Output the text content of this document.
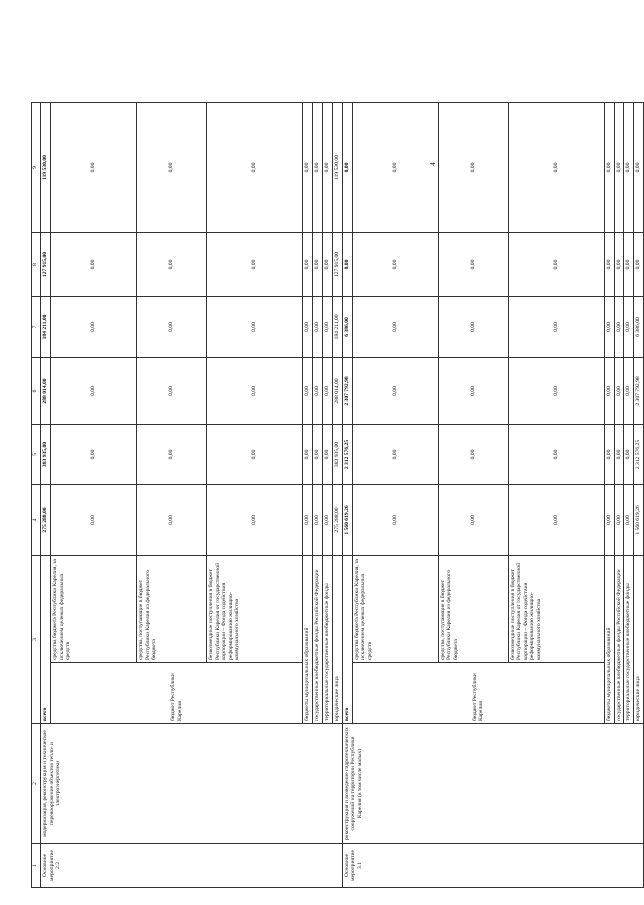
4
1	2	3		4	5	6	7	8	9
Основное мероприятие 2.2	модернизация, реконструкция и техническое перевооружение объектов тепло- и электроэнергетики	всего		275 288,00	383 935,00	288 014,00	184 211,00	127 915,00	119 530,00
		бюджет Республики Карелия	средства бюджета Республики Карелия, за исключением целевых федеральных средств	0,00	0,00	0,00	0,00	0,00	0,00
			средства, поступающие в бюджет Республики Карелия из федерального бюджета	0,00	0,00	0,00	0,00	0,00	0,00
			безвозмездные поступления в бюджет Республики Карелия от государственной корпорации – Фонда содействия реформированию жилищно-коммунального хозяйства	0,00	0,00	0,00	0,00	0,00	0,00
		бюджеты муниципальных образований		0,00	0,00	0,00	0,00	0,00	0,00
		государственные внебюджетные фонды Российской Федерации		0,00	0,00	0,00	0,00	0,00	0,00
		территориальные государственные внебюджетные фонды		0,00	0,00	0,00	0,00	0,00	0,00
		юридические лица		275 288,00	383 935,00	288 014,00	184 211,00	127 915,00	119 530,00
Основное мероприятие 3.1	реконструкция и возведение гидротехнических сооружений на территории Республики Карелия (в том числе малых)	всего		1 560 619,26	2 312 576,25	2 307 792,98	6 386,00	0,00	0,00
		бюджет Республики Карелия	средства бюджета Республики Карелия, за исключением целевых федеральных средств	0,00	0,00	0,00	0,00	0,00	0,00
			средства, поступающие в бюджет Республики Карелия из федерального бюджета	0,00	0,00	0,00	0,00	0,00	0,00
			безвозмездные поступления в бюджет Республики Карелия от государственной корпорации – Фонда содействия реформированию жилищно-коммунального хозяйства	0,00	0,00	0,00	0,00	0,00	0,00
		бюджеты муниципальных образований		0,00	0,00	0,00	0,00	0,00	0,00
		государственные внебюджетные фонды Российской Федерации		0,00	0,00	0,00	0,00	0,00	0,00
		территориальные государственные внебюджетные фонды		0,00	0,00	0,00	0,00	0,00	0,00
		юридические лица		1 560 619,26	2 312 576,25	2 307 792,98	6 386,00	0,00	0,00
